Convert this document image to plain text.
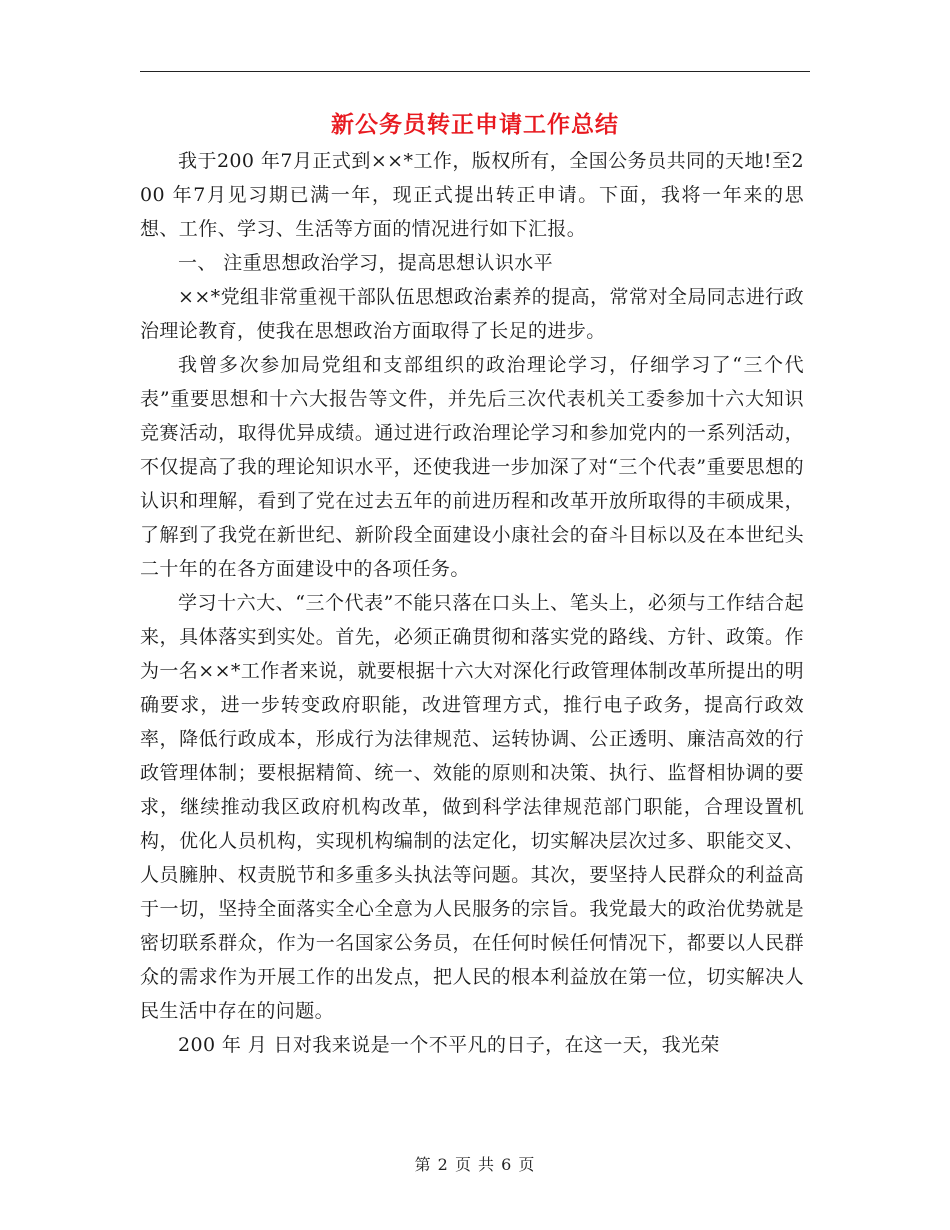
新公务员转正申请工作总结

我于200 年7月正式到××*工作，版权所有，全国公务员共同的天地!至200 年7月见习期已满一年，现正式提出转正申请。下面，我将一年来的思想、工作、学习、生活等方面的情况进行如下汇报。

一、 注重思想政治学习，提高思想认识水平

××*党组非常重视干部队伍思想政治素养的提高，常常对全局同志进行政治理论教育，使我在思想政治方面取得了长足的进步。

我曾多次参加局党组和支部组织的政治理论学习，仔细学习了“三个代表”重要思想和十六大报告等文件，并先后三次代表机关工委参加十六大知识竞赛活动，取得优异成绩。通过进行政治理论学习和参加党内的一系列活动，不仅提高了我的理论知识水平，还使我进一步加深了对“三个代表”重要思想的认识和理解，看到了党在过去五年的前进历程和改革开放所取得的丰硕成果，了解到了我党在新世纪、新阶段全面建设小康社会的奋斗目标以及在本世纪头二十年的在各方面建设中的各项任务。

学习十六大、“三个代表”不能只落在口头上、笔头上，必须与工作结合起来，具体落实到实处。首先，必须正确贯彻和落实党的路线、方针、政策。作为一名××*工作者来说，就要根据十六大对深化行政管理体制改革所提出的明确要求，进一步转变政府职能，改进管理方式，推行电子政务，提高行政效率，降低行政成本，形成行为法律规范、运转协调、公正透明、廉洁高效的行政管理体制；要根据精简、统一、效能的原则和决策、执行、监督相协调的要求，继续推动我区政府机构改革，做到科学法律规范部门职能，合理设置机构，优化人员机构，实现机构编制的法定化，切实解决层次过多、职能交叉、人员臃肿、权责脱节和多重多头执法等问题。其次，要坚持人民群众的利益高于一切，坚持全面落实全心全意为人民服务的宗旨。我党最大的政治优势就是密切联系群众，作为一名国家公务员，在任何时候任何情况下，都要以人民群众的需求作为开展工作的出发点，把人民的根本利益放在第一位，切实解决人民生活中存在的问题。

200 年 月 日对我来说是一个不平凡的日子，在这一天，我光荣

第 2 页 共 6 页
